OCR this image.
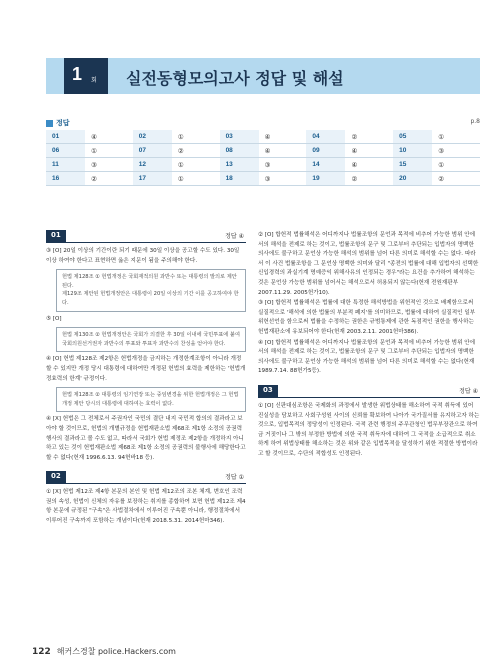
1 회 실전동형모의고사 정답 및 해설
정답	p.8
01	④	02	①	03	④	04	②	05	①
06	①	07	②	08	④	09	④	10	③
11	③	12	①	13	③	14	④	15	①
16	②	17	①	18	③	19	②	20	②
01	정답 ④
③ [O] 20일 이상의 기간이란 되기 때문에 30일 이상을 공고할 수도 있다. 30일 이상 하여야 한다고 표현하면 옳은 지문이 됨을 주의해야 한다.
헌법 제128조 ① 헌법개정은 국회재적의원 과반수 또는 대통령의 발의로 제안된다.
제129조 제안된 헌법개정안은 대통령이 20일 이상의 기간 이를 공고하여야 한다.
⑤ [O]
헌법 제130조 ② 헌법개정안은 국회가 의결한 후 30일 이내에 국민투표에 붙여 국회의원선거권자 과반수의 투표와 투표자 과반수의 찬성을 얻어야 한다.
④ [O] 헌법 제128조 제2항은 헌법개정을 금지하는 개정한계조항이 아니라 개정할 수 있지만 개정 당시 대통령에 대하여만 개정된 헌법의 효력을 제한하는 '헌법개정효력의 한계' 규정이다.
헌법 제128조 ② 대통령의 임기연장 또는 중임변경을 위한 헌법개정은 그 헌법개정 제안 당시의 대통령에 대하여는 효력이 없다.
④ [X] 헌법은 그 전체로서 주권자인 국민의 결단 내지 국민적 합의의 결과라고 보아야 할 것이므로, 헌법의 개별규정을 헌법재판소법 제68조 제1항 소정의 공권력 행사의 결과라고 볼 수도 없고, 따라서 국회가 헌법 제정조 제2항을 개정하지 아니하고 있는 것이 헌법재판소법 제68조 제1항 소정의 공권력의 불행사에 해당한다고 할 수 없다(헌재 1996.6.13. 94헌바18 등).
02	정답 ①
① [X] 헌법 제12조 제4항 본문의 본인 및 헌법 제12조의 조본 체계, 변호인 조력권의 속성, 헌법이 신체의 자유를 보장하는 취지를 종합하여 보면 헌법 제12조 제4항 본문에 규정된 "구속"은 사법절차에서 이루어진 구속뿐 아니라, 행정절차에서 이루어진 구속까지 포함하는 개념이다(헌재 2018.5.31. 2014헌마346).
② [O] 합헌적 법률해석은 어디까지나 법률조항의 문언과 목적에 비추어 가능한 범위 안에서의 해석을 전제로 하는 것이고, 법률조항의 문구 및 그로부터 추단되는 입법자의 명백한 의사에도 불구하고 문언상 가능한 해석의 범위를 넘어 다른 의미로 해석할 수는 없다. 따라서 이 사건 법률조항을 그 문언상 명백한 의미와 달리 "종전의 법률에 대해 입법자의 선택한 신입경력의 과실기계 명예증익 위해사유의 인정되는 경우"라는 요건을 추가하여 해석하는 것은 문언상 가능한 범위를 넘어서는 해석으로서 허용되지 않는다(헌재 전원재판부 2007.11.29. 2005헌가10).
③ [O] 합헌적 법률해석은 법률에 대한 특정한 해석방법을 위헌적인 것으로 배제함으로써 실질적으로 '해석에 의한 법률의 부분적 폐지'를 의미하므로, 법률에 대하여 실질적인 일부위헌선언을 함으로써 법률을 수정하는 권한은 규범통제에 관한 독점적인 권한을 행사하는 헌법재판소에 유보되어야 한다(헌재 2003.2.11. 2001헌마386).
④ [O] 합헌적 법률해석은 어디까지나 법률조항의 문언과 목적에 비추어 가능한 범위 안에서의 해석을 전제로 하는 것이고, 법률조항의 문구 및 그로부터 추단되는 입법자의 명백한 의사에도 불구하고 문언상 가능한 해석의 범위를 넘어 다른 의미로 해석할 수는 없다(헌재 1989.7.14. 88헌가5등).
03	정답 ④
① [O] 신판대심조항은 국제화의 과정에서 발생한 위법상태를 해소하여 국적 취득에 있어 진실성을 담보하고 사회구성원 사이의 신뢰를 확보하여 나아가 국가질서를 유지하고자 하는 것으로, 입법목적의 정당성이 인정된다. 국적 관련 행정의 주무관청인 법무부장관으로 하여금 거짓이나 그 밖의 부정한 방법에 의한 국적 취득자에 대하여 그 국적을 소급적으로 취소하게 하여 위법상태를 해소하는 것은 위와 같은 입법목적을 달성하기 위한 적절한 방법이라고 할 것이므로, 수단의 적합성도 인정된다.
122 해커스경찰 police.Hackers.com
